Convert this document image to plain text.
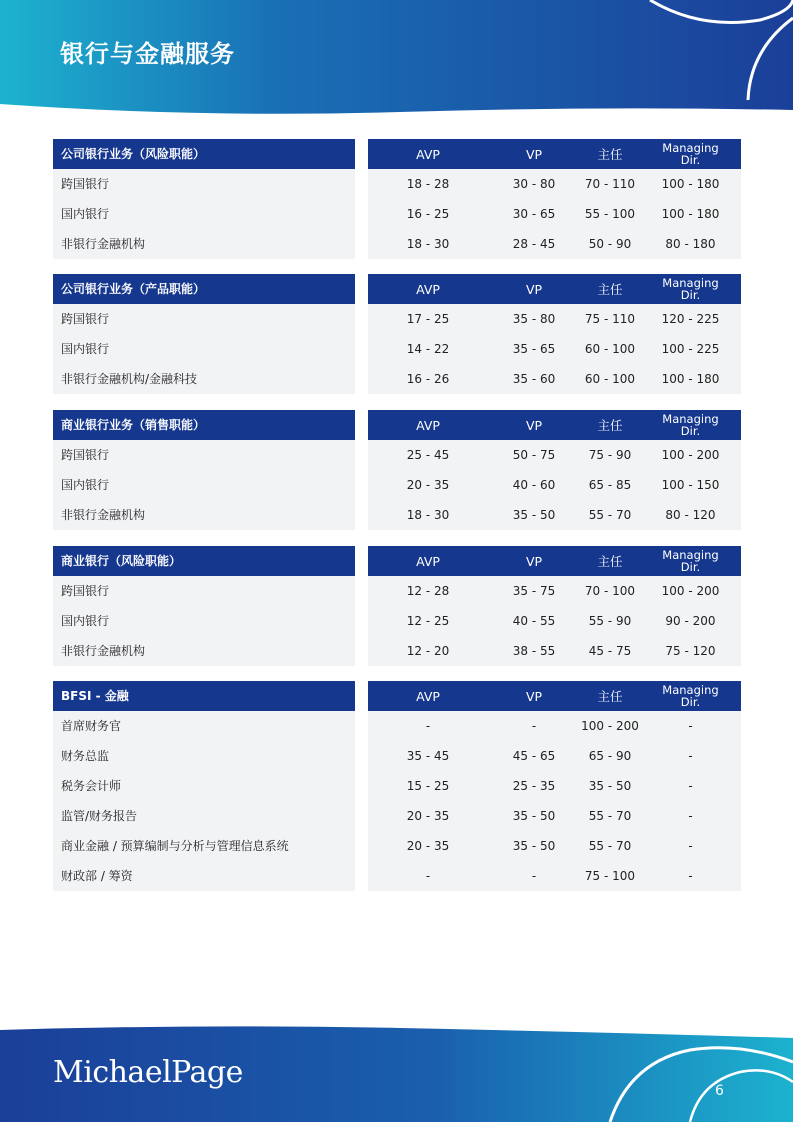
银行与金融服务
公司银行业务（风险职能）	AVP	VP	主任	Managing
Dir.
跨国银行	18 - 28	30 - 80	70 - 110	100 - 180
国内银行	16 - 25	30 - 65	55 - 100	100 - 180
非银行金融机构	18 - 30	28 - 45	50 - 90	80 - 180
公司银行业务（产品职能）	AVP	VP	主任	Managing
Dir.
跨国银行	17 - 25	35 - 80	75 - 110	120 - 225
国内银行	14 - 22	35 - 65	60 - 100	100 - 225
非银行金融机构/金融科技	16 - 26	35 - 60	60 - 100	100 - 180
商业银行业务（销售职能）	AVP	VP	主任	Managing
Dir.
跨国银行	25 - 45	50 - 75	75 - 90	100 - 200
国内银行	20 - 35	40 - 60	65 - 85	100 - 150
非银行金融机构	18 - 30	35 - 50	55 - 70	80 - 120
商业银行（风险职能）	AVP	VP	主任	Managing
Dir.
跨国银行	12 - 28	35 - 75	70 - 100	100 - 200
国内银行	12 - 25	40 - 55	55 - 90	90 - 200
非银行金融机构	12 - 20	38 - 55	45 - 75	75 - 120
BFSI - 金融	AVP	VP	主任	Managing
Dir.
首席财务官	-	-	100 - 200	-
财务总监	35 - 45	45 - 65	65 - 90	-
税务会计师	15 - 25	25 - 35	35 - 50	-
监管/财务报告	20 - 35	35 - 50	55 - 70	-
商业金融 / 预算编制与分析与管理信息系统	20 - 35	35 - 50	55 - 70	-
财政部 / 筹资	-	-	75 - 100	-
MichaelPage
6
